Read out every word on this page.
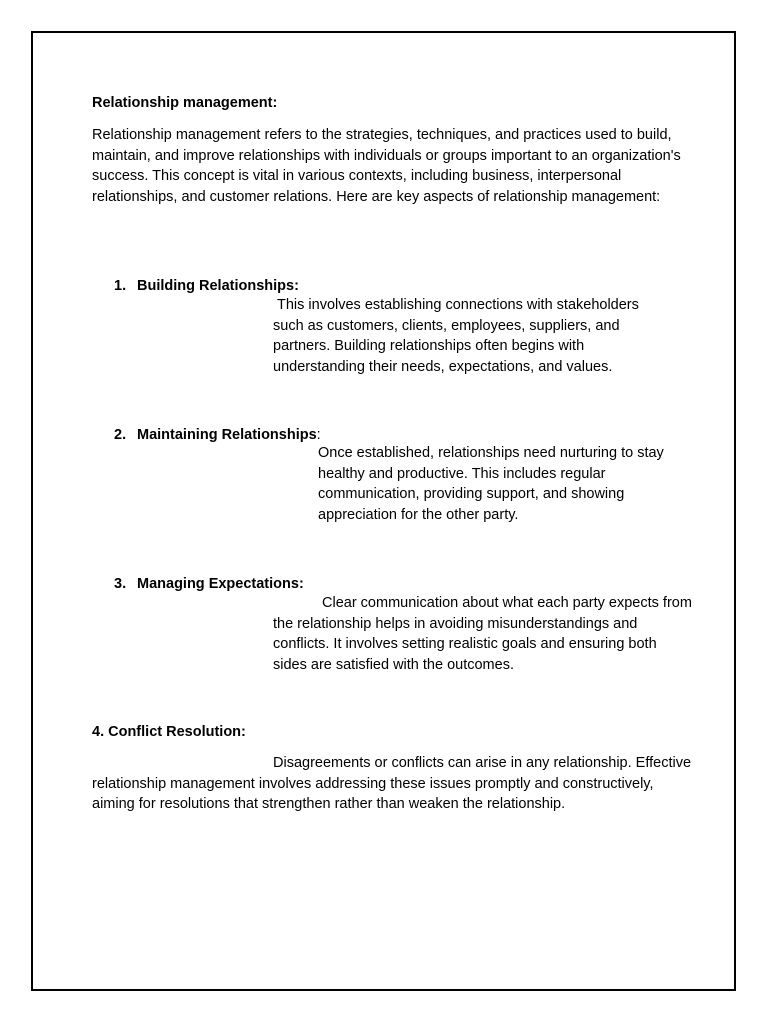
Relationship management:

Relationship management refers to the strategies, techniques, and practices used to build, maintain, and improve relationships with individuals or groups important to an organization's success. This concept is vital in various contexts, including business, interpersonal relationships, and customer relations. Here are key aspects of relationship management:

1. Building Relationships:

This involves establishing connections with stakeholders such as customers, clients, employees, suppliers, and partners. Building relationships often begins with understanding their needs, expectations, and values.

2. Maintaining Relationships:

Once established, relationships need nurturing to stay healthy and productive. This includes regular communication, providing support, and showing appreciation for the other party.

3. Managing Expectations:

Clear communication about what each party expects from the relationship helps in avoiding misunderstandings and conflicts. It involves setting realistic goals and ensuring both sides are satisfied with the outcomes.

4. Conflict Resolution:

Disagreements or conflicts can arise in any relationship. Effective relationship management involves addressing these issues promptly and constructively, aiming for resolutions that strengthen rather than weaken the relationship.
